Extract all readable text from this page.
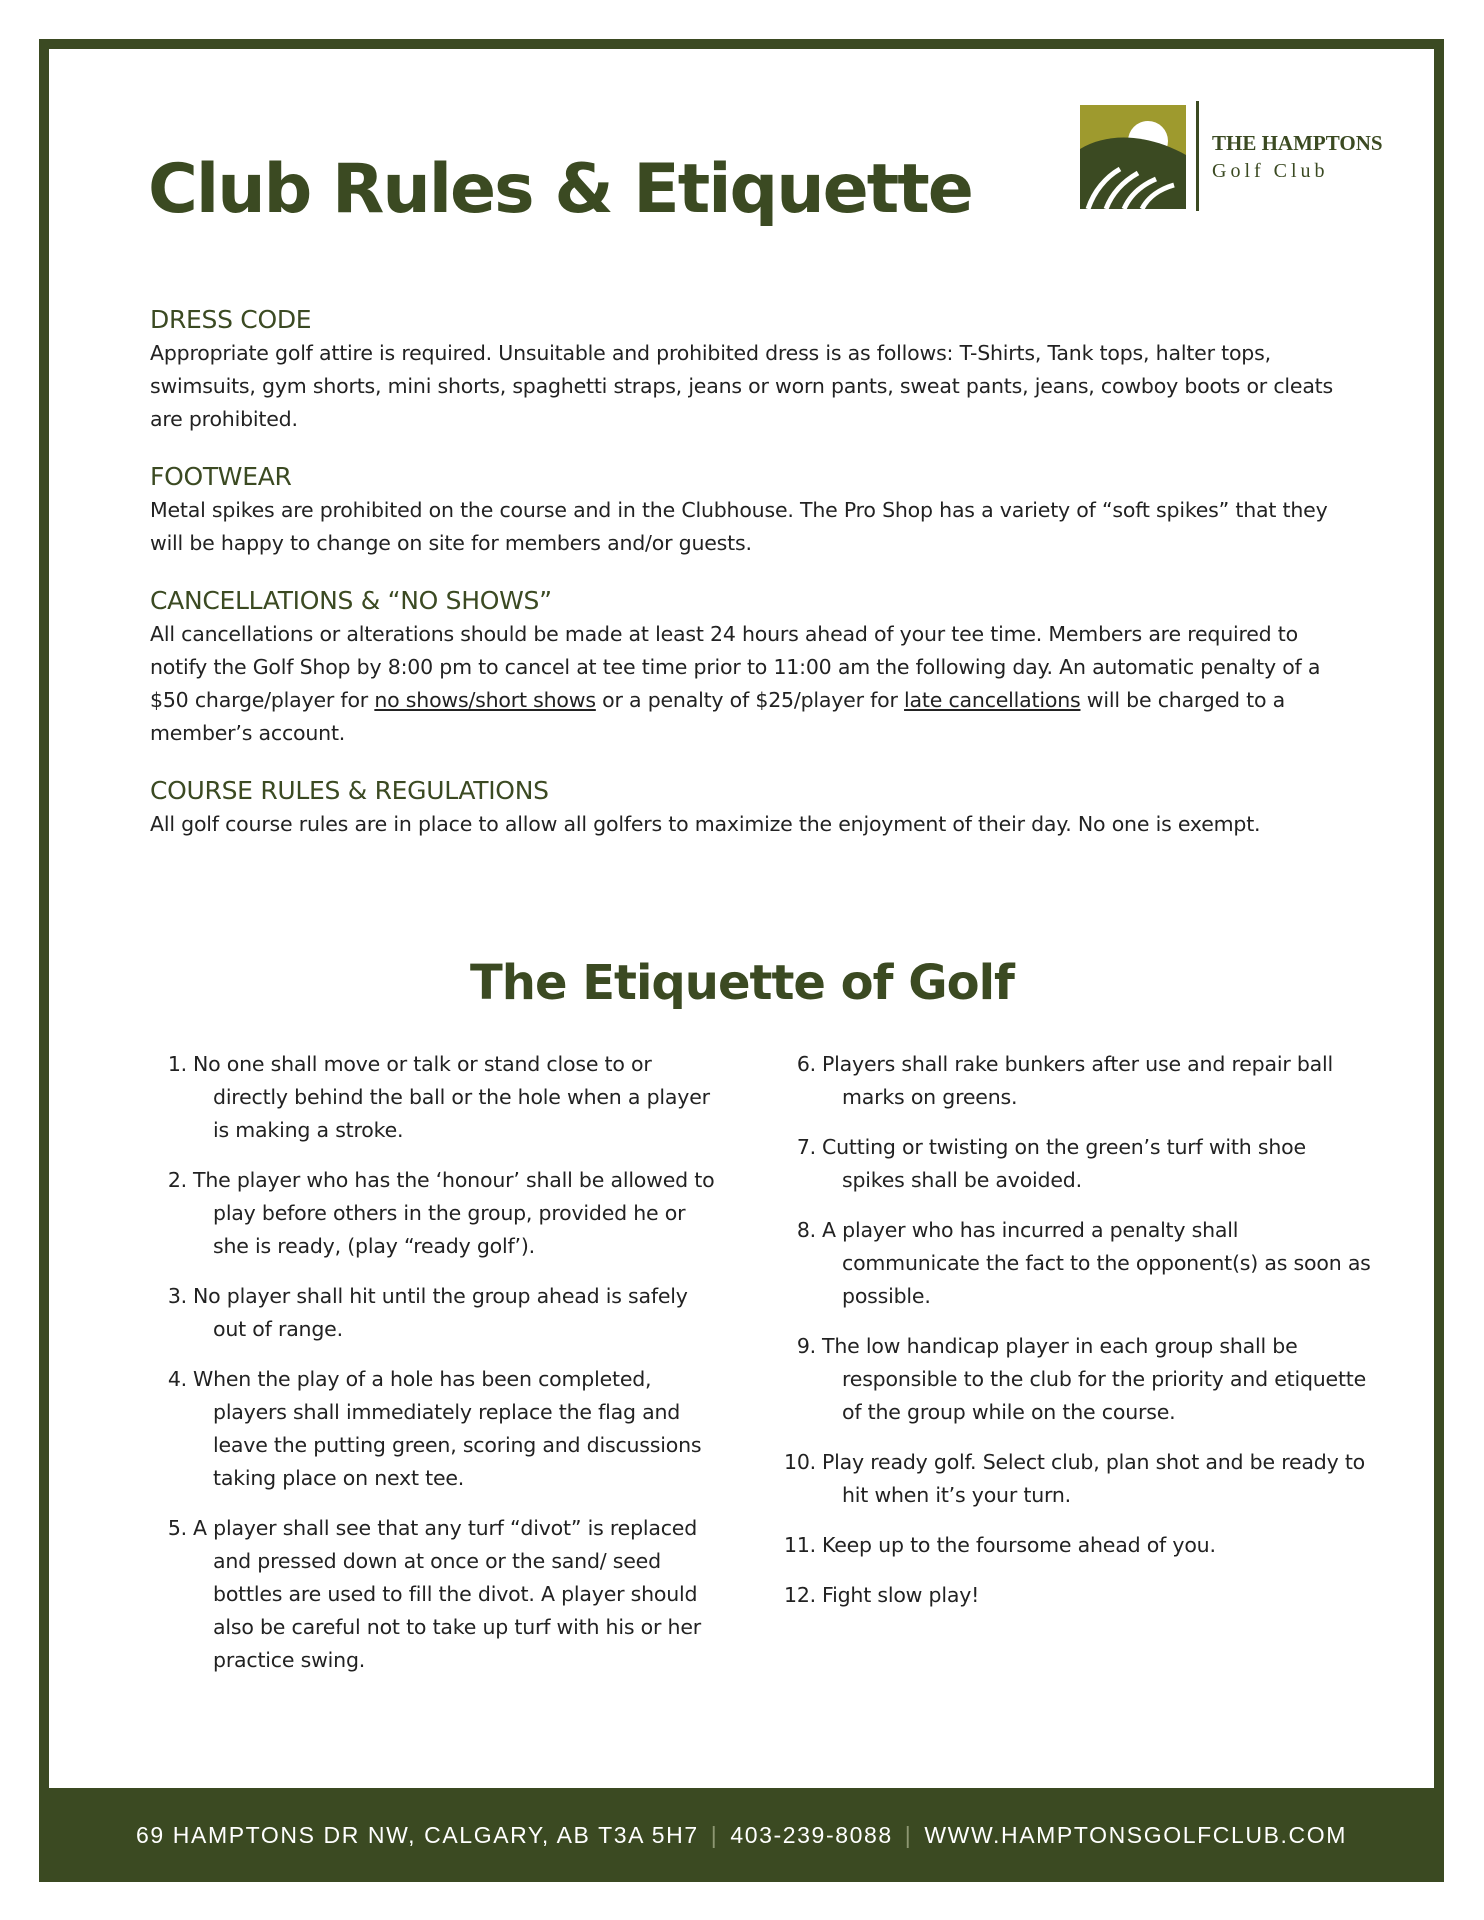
THE HAMPTONS
Golf Club
Club Rules & Etiquette
DRESS CODE

Appropriate golf attire is required. Unsuitable and prohibited dress is as follows: T-Shirts, Tank tops, halter tops, swimsuits, gym shorts, mini shorts, spaghetti straps, jeans or worn pants, sweat pants, jeans, cowboy boots or cleats are prohibited.

FOOTWEAR

Metal spikes are prohibited on the course and in the Clubhouse. The Pro Shop has a variety of “soft spikes” that they will be happy to change on site for members and/or guests.

CANCELLATIONS & “NO SHOWS”

All cancellations or alterations should be made at least 24 hours ahead of your tee time. Members are required to notify the Golf Shop by 8:00 pm to cancel at tee time prior to 11:00 am the following day. An automatic penalty of a $50 charge/player for no shows/short shows or a penalty of $25/player for late cancellations will be charged to a member’s account.

COURSE RULES & REGULATIONS

All golf course rules are in place to allow all golfers to maximize the enjoyment of their day. No one is exempt.

The Etiquette of Golf
1. No one shall move or talk or stand close to or directly behind the ball or the hole when a player is making a stroke.
2. The player who has the ‘honour’ shall be allowed to play before others in the group, provided he or she is ready, (play “ready golf’).
3. No player shall hit until the group ahead is safely out of range.
4. When the play of a hole has been completed, players shall immediately replace the flag and leave the putting green, scoring and discussions taking place on next tee.
5. A player shall see that any turf “divot” is replaced and pressed down at once or the sand/ seed bottles are used to fill the divot. A player should also be careful not to take up turf with his or her practice swing.
6. Players shall rake bunkers after use and repair ball marks on greens.
7. Cutting or twisting on the green’s turf with shoe spikes shall be avoided.
8. A player who has incurred a penalty shall communicate the fact to the opponent(s) as soon as possible.
9. The low handicap player in each group shall be responsible to the club for the priority and etiquette of the group while on the course.
10. Play ready golf. Select club, plan shot and be ready to hit when it’s your turn.
11. Keep up to the foursome ahead of you.
12. Fight slow play!
69 HAMPTONS DR NW, CALGARY, AB T3A 5H7 | 403-239-8088 | WWW.HAMPTONSGOLFCLUB.COM
